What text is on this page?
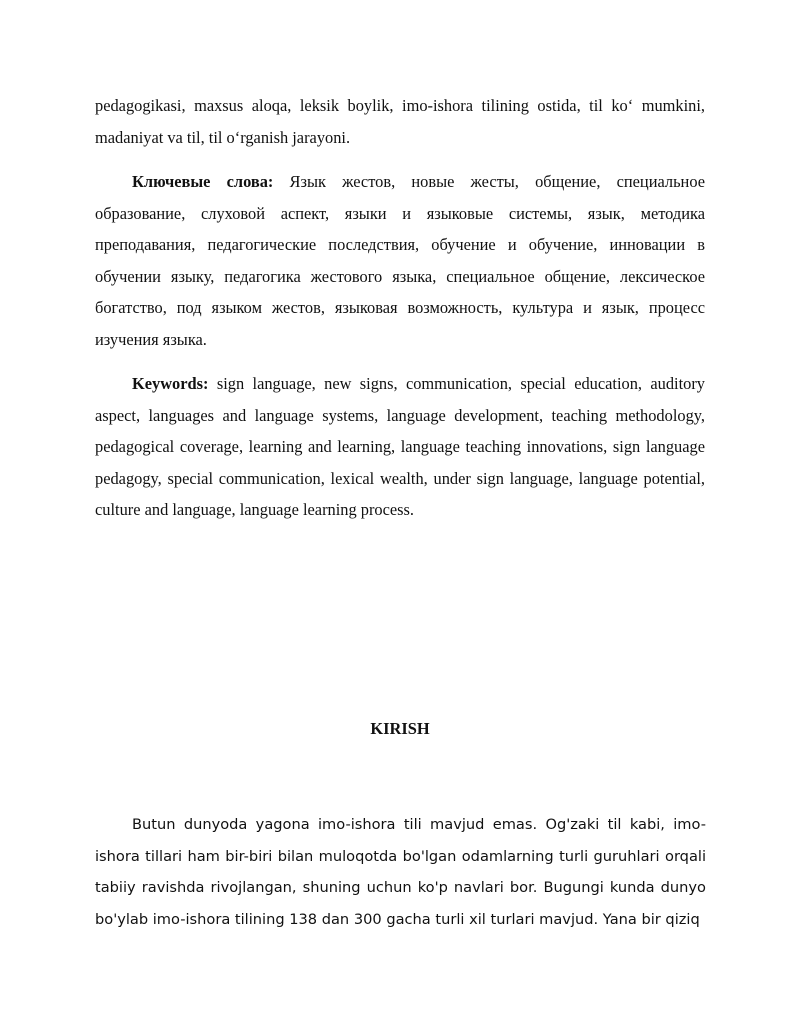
pedagogikasi, maxsus aloqa, leksik boylik, imo-ishora tilining ostida, til ko‘ mumkini, madaniyat va til, til o‘rganish jarayoni.

Ключевые слова: Язык жестов, новые жесты, общение, специальное образование, слуховой аспект, языки и языковые системы, язык, методика преподавания, педагогические последствия, обучение и обучение, инновации в обучении языку, педагогика жестового языка, специальное общение, лексическое богатство, под языком жестов, языковая возможность, культура и язык, процесс изучения языка.

Keywords: sign language, new signs, communication, special education, auditory aspect, languages and language systems, language development, teaching methodology, pedagogical coverage, learning and learning, language teaching innovations, sign language pedagogy, special communication, lexical wealth, under sign language, language potential, culture and language, language learning process.

KIRISH

Butun dunyoda yagona imo-ishora tili mavjud emas. Og'zaki til kabi, imo-ishora tillari ham bir-biri bilan muloqotda bo'lgan odamlarning turli guruhlari orqali tabiiy ravishda rivojlangan, shuning uchun ko'p navlari bor. Bugungi kunda dunyo bo'ylab imo-ishora tilining 138 dan 300 gacha turli xil turlari mavjud. Yana bir qiziq
